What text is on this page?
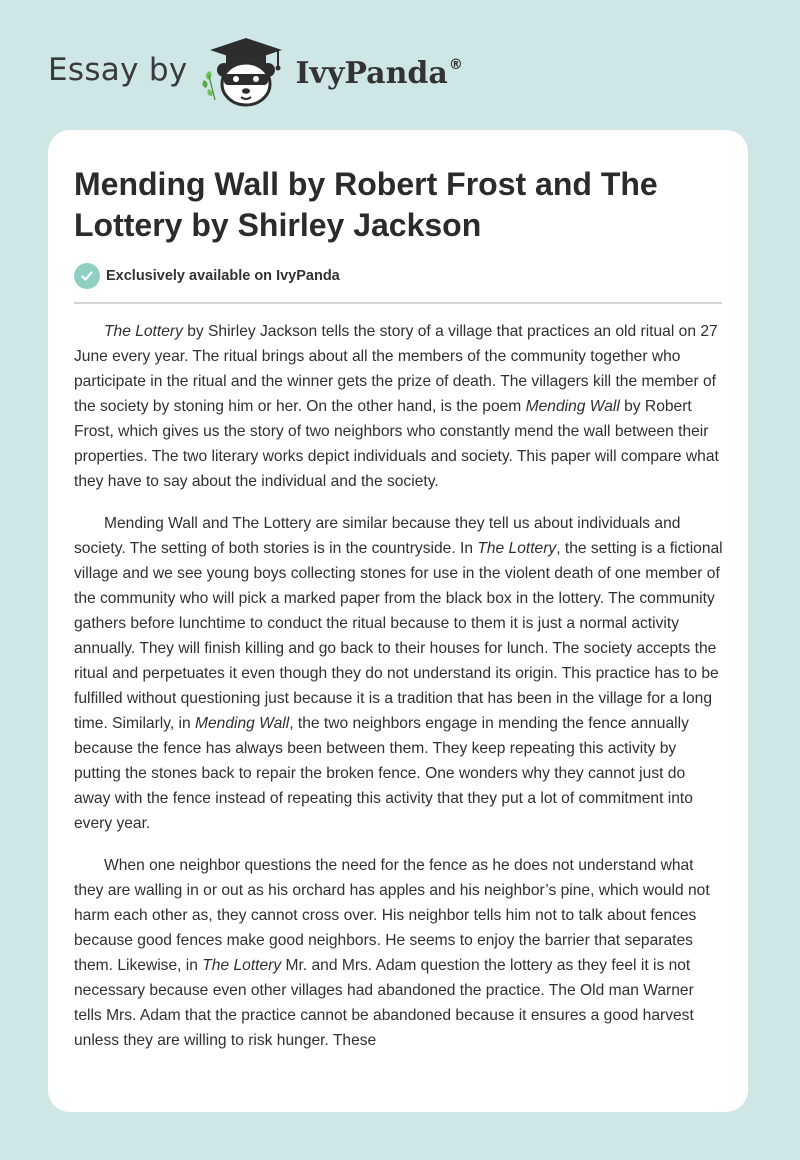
Essay by	IvyPanda®
Mending Wall by Robert Frost and The Lottery by Shirley Jackson
Exclusively available on IvyPanda

The Lottery by Shirley Jackson tells the story of a village that practices an old ritual on 27 June every year. The ritual brings about all the members of the community together who participate in the ritual and the winner gets the prize of death. The villagers kill the member of the society by stoning him or her. On the other hand, is the poem Mending Wall by Robert Frost, which gives us the story of two neighbors who constantly mend the wall between their properties. The two literary works depict individuals and society. This paper will compare what they have to say about the individual and the society.

Mending Wall and The Lottery are similar because they tell us about individuals and society. The setting of both stories is in the countryside. In The Lottery, the setting is a fictional village and we see young boys collecting stones for use in the violent death of one member of the community who will pick a marked paper from the black box in the lottery. The community gathers before lunchtime to conduct the ritual because to them it is just a normal activity annually. They will finish killing and go back to their houses for lunch. The society accepts the ritual and perpetuates it even though they do not understand its origin. This practice has to be fulfilled without questioning just because it is a tradition that has been in the village for a long time. Similarly, in Mending Wall, the two neighbors engage in mending the fence annually because the fence has always been between them. They keep repeating this activity by putting the stones back to repair the broken fence. One wonders why they cannot just do away with the fence instead of repeating this activity that they put a lot of commitment into every year.

When one neighbor questions the need for the fence as he does not understand what they are walling in or out as his orchard has apples and his neighbor’s pine, which would not harm each other as, they cannot cross over. His neighbor tells him not to talk about fences because good fences make good neighbors. He seems to enjoy the barrier that separates them. Likewise, in The Lottery Mr. and Mrs. Adam question the lottery as they feel it is not necessary because even other villages had abandoned the practice. The Old man Warner tells Mrs. Adam that the practice cannot be abandoned because it ensures a good harvest unless they are willing to risk hunger. These
